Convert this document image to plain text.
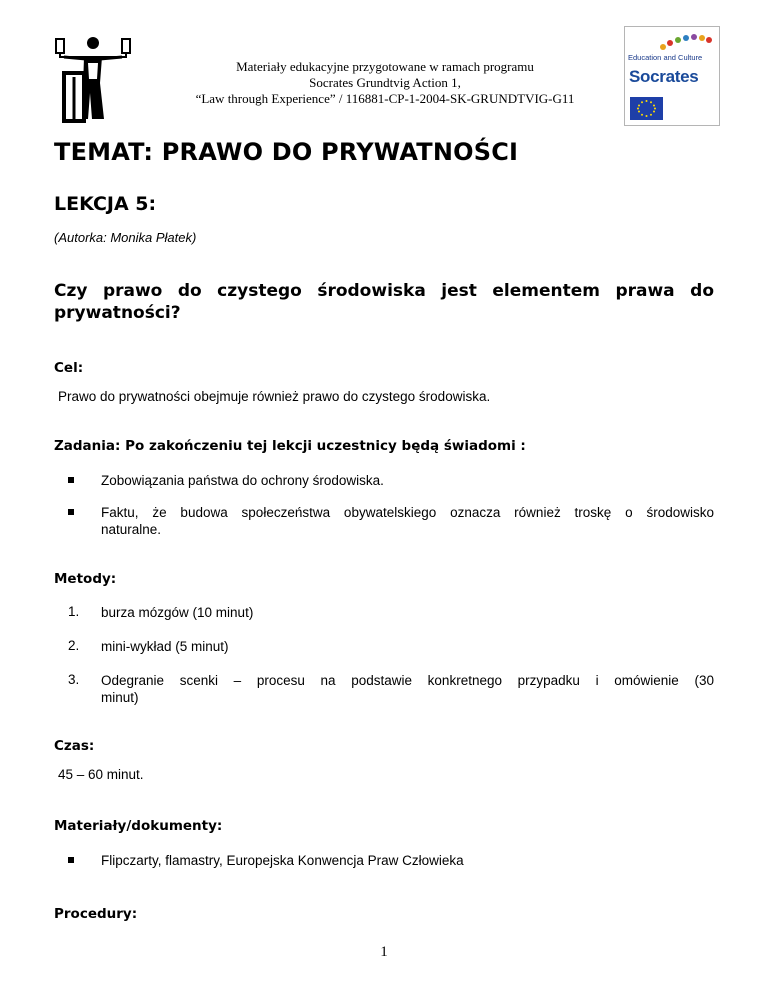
Materiały edukacyjne przygotowane w ramach programu
Socrates Grundtvig Action 1,
“Law through Experience” / 116881-CP-1-2004-SK-GRUNDTVIG-G11
Education and Culture
Socrates
TEMAT: PRAWO DO PRYWATNOŚCI
LEKCJA 5:
(Autorka: Monika Płatek)
Czy prawo do czystego środowiska jest elementem prawa do
prywatności?
Cel:
Prawo do prywatności obejmuje również prawo do czystego środowiska.
Zadania: Po zakończeniu tej lekcji uczestnicy będą świadomi :
Zobowiązania państwa do ochrony środowiska.
Faktu, że budowa społeczeństwa obywatelskiego oznacza również troskę o środowisko
naturalne.
Metody:
1. burza mózgów (10 minut)
2. mini-wykład (5 minut)
3. Odegranie scenki – procesu na podstawie konkretnego przypadku i omówienie (30
minut)
Czas:
45 – 60 minut.
Materiały/dokumenty:
Flipczarty, flamastry, Europejska Konwencja Praw Człowieka
Procedury:
1
